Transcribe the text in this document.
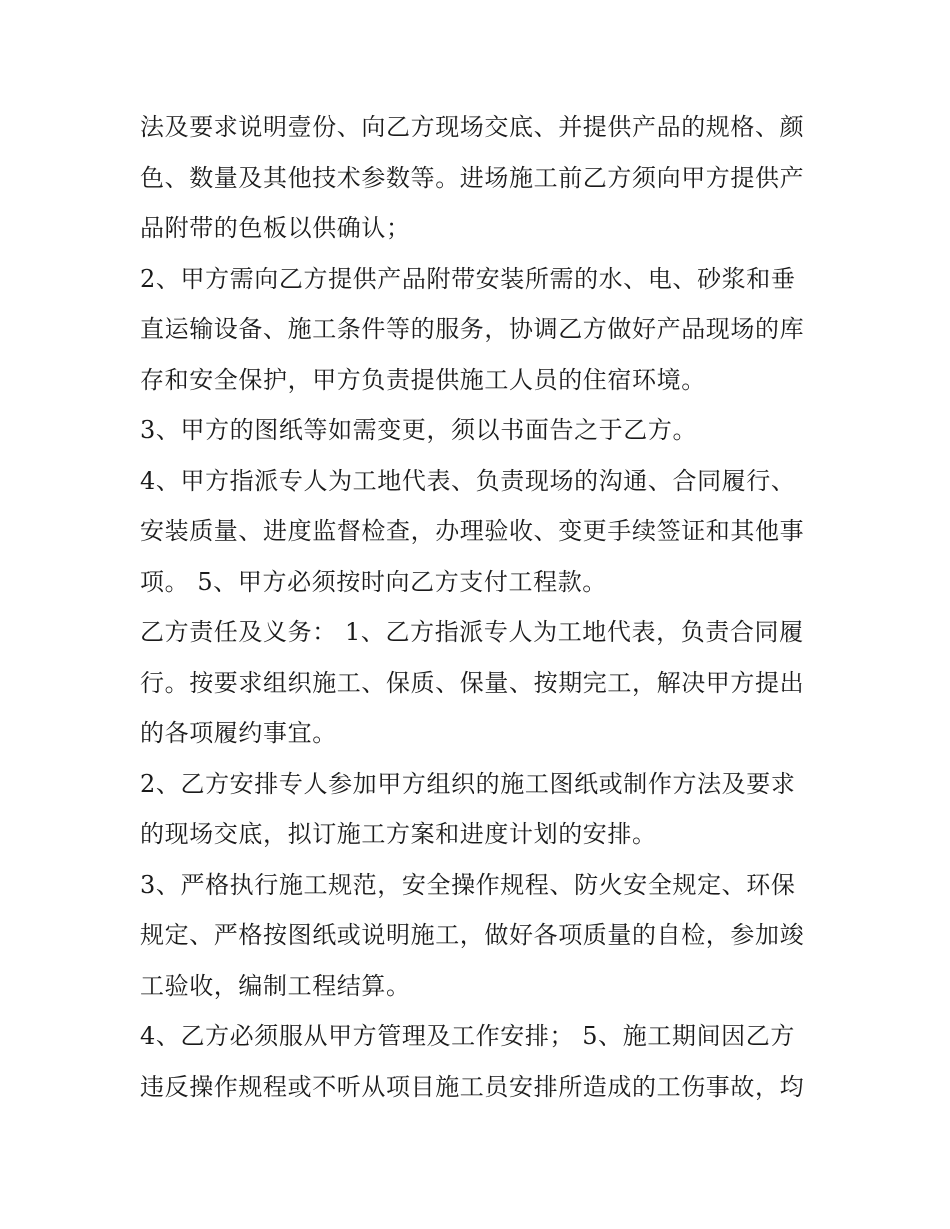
法及要求说明壹份、向乙方现场交底、并提供产品的规格、颜
色、数量及其他技术参数等。进场施工前乙方须向甲方提供产
品附带的色板以供确认；
2、甲方需向乙方提供产品附带安装所需的水、电、砂浆和垂
直运输设备、施工条件等的服务，协调乙方做好产品现场的库
存和安全保护，甲方负责提供施工人员的住宿环境。
3、甲方的图纸等如需变更，须以书面告之于乙方。
4、甲方指派专人为工地代表、负责现场的沟通、合同履行、
安装质量、进度监督检查，办理验收、变更手续签证和其他事
项。 5、甲方必须按时向乙方支付工程款。
乙方责任及义务： 1、乙方指派专人为工地代表，负责合同履
行。按要求组织施工、保质、保量、按期完工，解决甲方提出
的各项履约事宜。
2、乙方安排专人参加甲方组织的施工图纸或制作方法及要求
的现场交底，拟订施工方案和进度计划的安排。
3、严格执行施工规范，安全操作规程、防火安全规定、环保
规定、严格按图纸或说明施工，做好各项质量的自检，参加竣
工验收，编制工程结算。
4、乙方必须服从甲方管理及工作安排； 5、施工期间因乙方
违反操作规程或不听从项目施工员安排所造成的工伤事故，均
